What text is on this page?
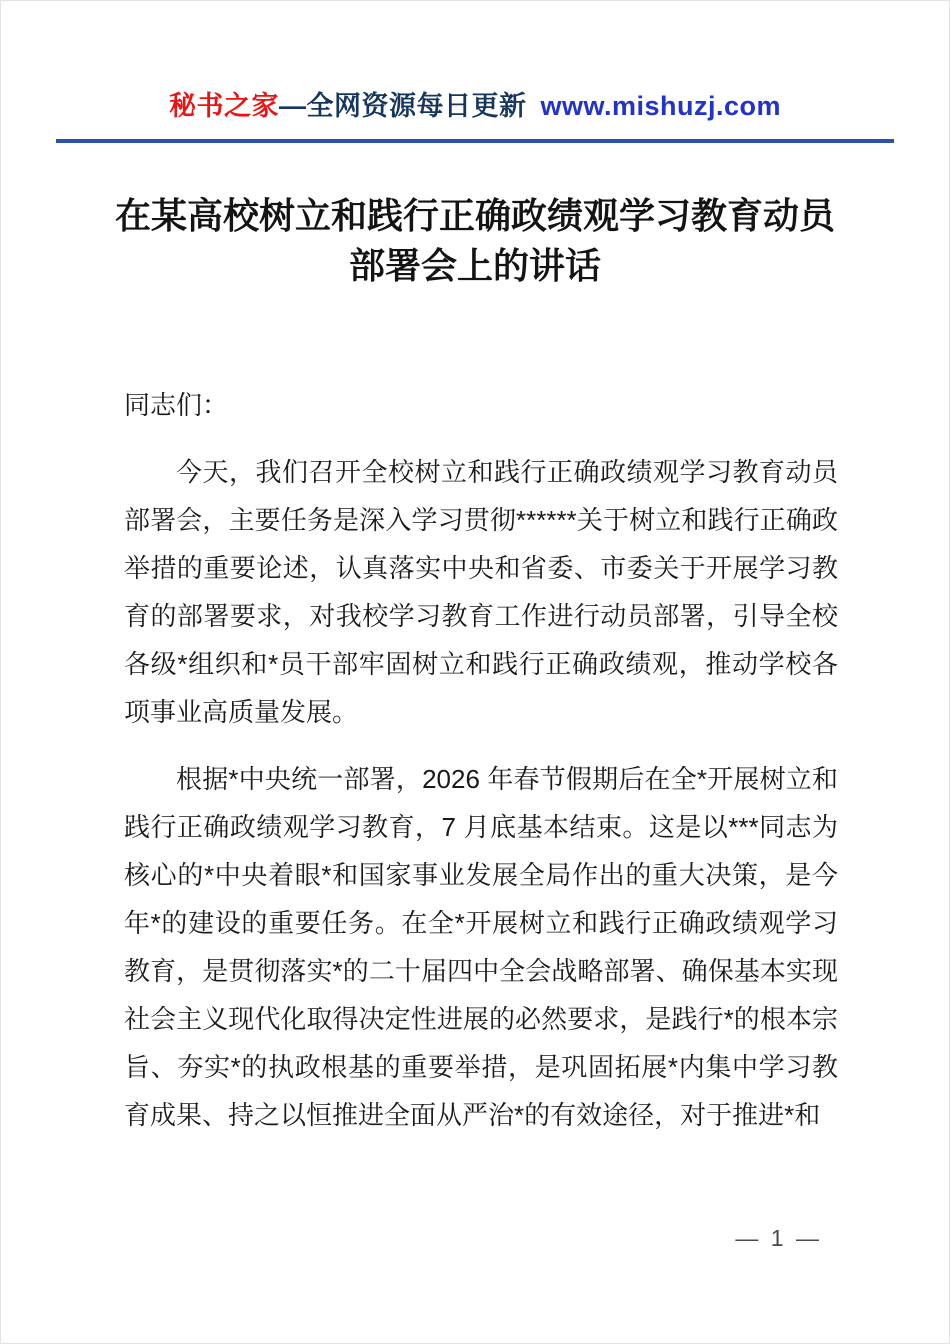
秘书之家—全网资源每日更新 www.mishuzj.com
在某高校树立和践行正确政绩观学习教育动员
部署会上的讲话
同志们：

今天，我们召开全校树立和践行正确政绩观学习教育动员部署会，主要任务是深入学习贯彻******关于树立和践行正确政举措的重要论述，认真落实中央和省委、市委关于开展学习教育的部署要求，对我校学习教育工作进行动员部署，引导全校各级*组织和*员干部牢固树立和践行正确政绩观，推动学校各项事业高质量发展。

根据*中央统一部署，2026 年春节假期后在全*开展树立和践行正确政绩观学习教育，7 月底基本结束。这是以***同志为核心的*中央着眼*和国家事业发展全局作出的重大决策，是今年*的建设的重要任务。在全*开展树立和践行正确政绩观学习教育，是贯彻落实*的二十届四中全会战略部署、确保基本实现社会主义现代化取得决定性进展的必然要求，是践行*的根本宗旨、夯实*的执政根基的重要举措，是巩固拓展*内集中学习教育成果、持之以恒推进全面从严治*的有效途径，对于推进*和

— 1 —
